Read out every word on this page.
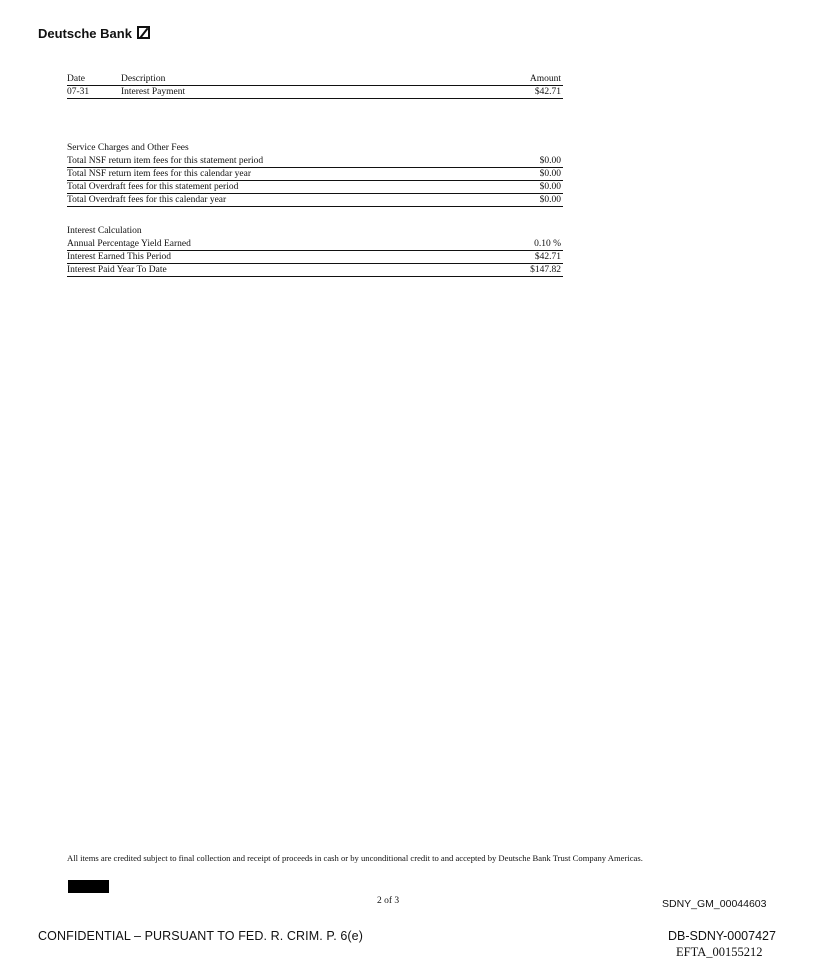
Deutsche Bank
Date	Description	Amount
07-31	Interest Payment	$42.71
Service Charges and Other Fees
Total NSF return item fees for this statement period	$0.00
Total NSF return item fees for this calendar year	$0.00
Total Overdraft fees for this statement period	$0.00
Total Overdraft fees for this calendar year	$0.00
Interest Calculation
Annual Percentage Yield Earned	0.10 %
Interest Earned This Period	$42.71
Interest Paid Year To Date	$147.82
All items are credited subject to final collection and receipt of proceeds in cash or by unconditional credit to and accepted by Deutsche Bank Trust Company Americas.
2 of 3	SDNY_GM_00044603
CONFIDENTIAL – PURSUANT TO FED. R. CRIM. P. 6(e)	DB-SDNY-0007427
EFTA_00155212
